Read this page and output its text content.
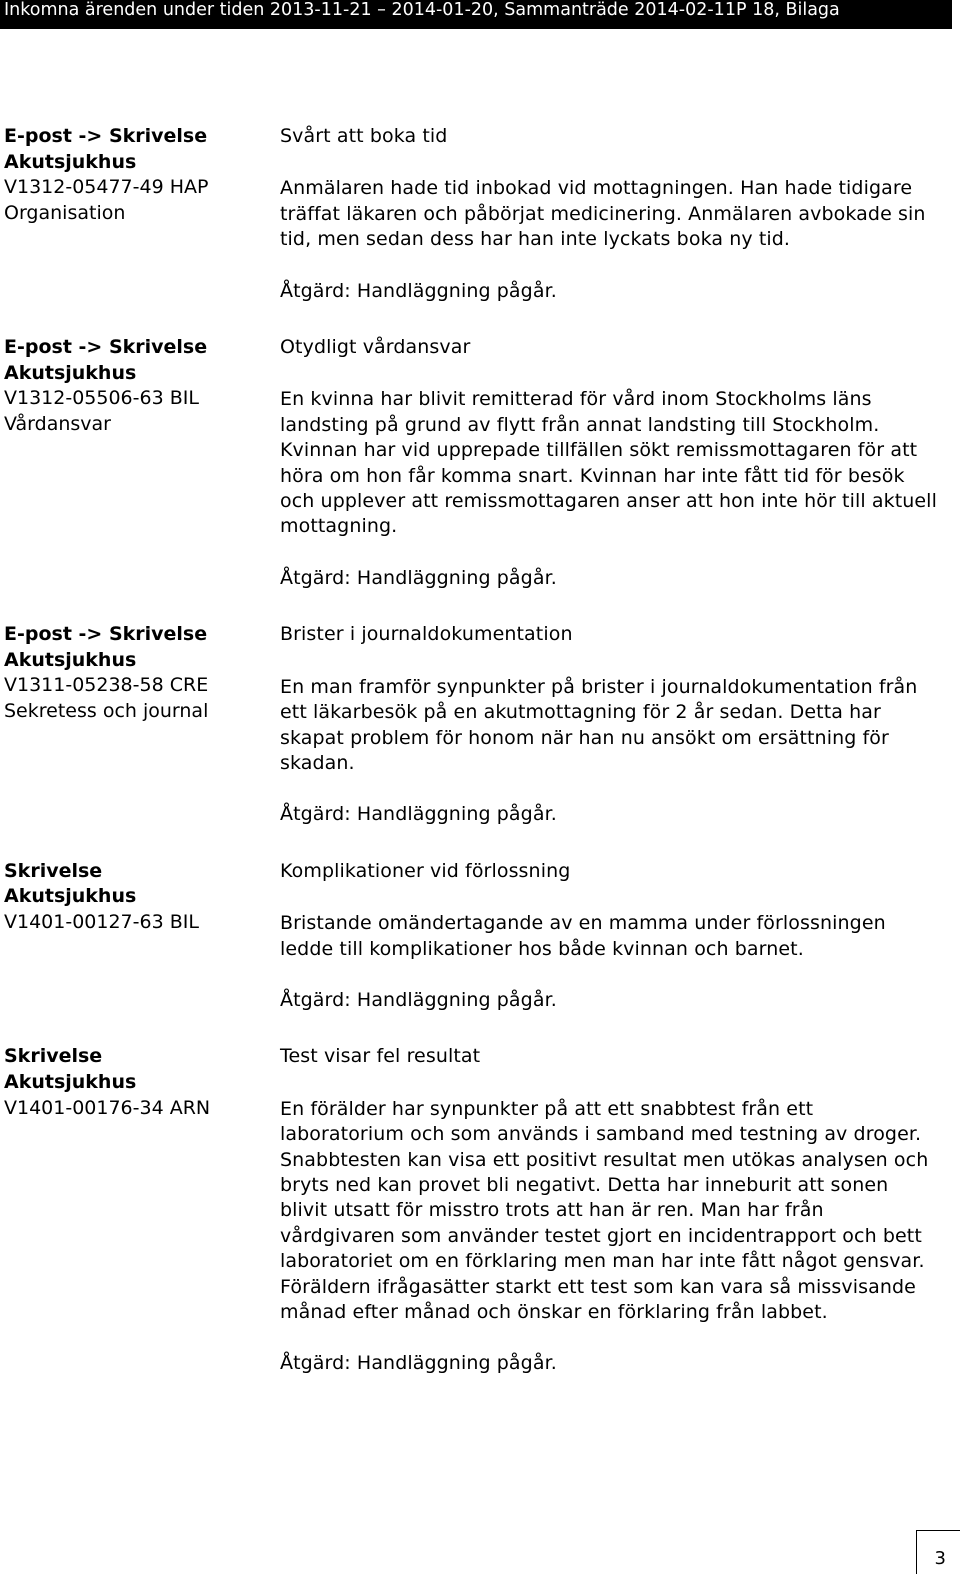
Inkomna ärenden under tiden 2013-11-21 – 2014-01-20, Sammanträde 2014-02-11P 18, Bilaga
E-post -> Skrivelse
Akutsjukhus
V1312-05477-49 HAP
Organisation
Svårt att boka tid
Anmälaren hade tid inbokad vid mottagningen. Han hade tidigare träffat läkaren och påbörjat medicinering. Anmälaren avbokade sin tid, men sedan dess har han inte lyckats boka ny tid.
Åtgärd: Handläggning pågår.
E-post -> Skrivelse
Akutsjukhus
V1312-05506-63 BIL
Vårdansvar
Otydligt vårdansvar
En kvinna har blivit remitterad för vård inom Stockholms läns landsting på grund av flytt från annat landsting till Stockholm. Kvinnan har vid upprepade tillfällen sökt remissmottagaren för att höra om hon får komma snart. Kvinnan har inte fått tid för besök och upplever att remissmottagaren anser att hon inte hör till aktuell mottagning.
Åtgärd: Handläggning pågår.
E-post -> Skrivelse
Akutsjukhus
V1311-05238-58 CRE
Sekretess och journal
Brister i journaldokumentation
En man framför synpunkter på brister i journaldokumentation från ett läkarbesök på en akutmottagning för 2 år sedan. Detta har skapat problem för honom när han nu ansökt om ersättning för skadan.
Åtgärd: Handläggning pågår.
Skrivelse
Akutsjukhus
V1401-00127-63 BIL
Komplikationer vid förlossning
Bristande omändertagande av en mamma under förlossningen ledde till komplikationer hos både kvinnan och barnet.
Åtgärd: Handläggning pågår.
Skrivelse
Akutsjukhus
V1401-00176-34 ARN
Test visar fel resultat
En förälder har synpunkter på att ett snabbtest från ett laboratorium och som används i samband med testning av droger. Snabbtesten kan visa ett positivt resultat men utökas analysen och bryts ned kan provet bli negativt. Detta har inneburit att sonen blivit utsatt för misstro trots att han är ren. Man har från vårdgivaren som använder testet gjort en incidentrapport och bett laboratoriet om en förklaring men man har inte fått något gensvar. Föräldern ifrågasätter starkt ett test som kan vara så missvisande månad efter månad och önskar en förklaring från labbet.
Åtgärd: Handläggning pågår.
3
